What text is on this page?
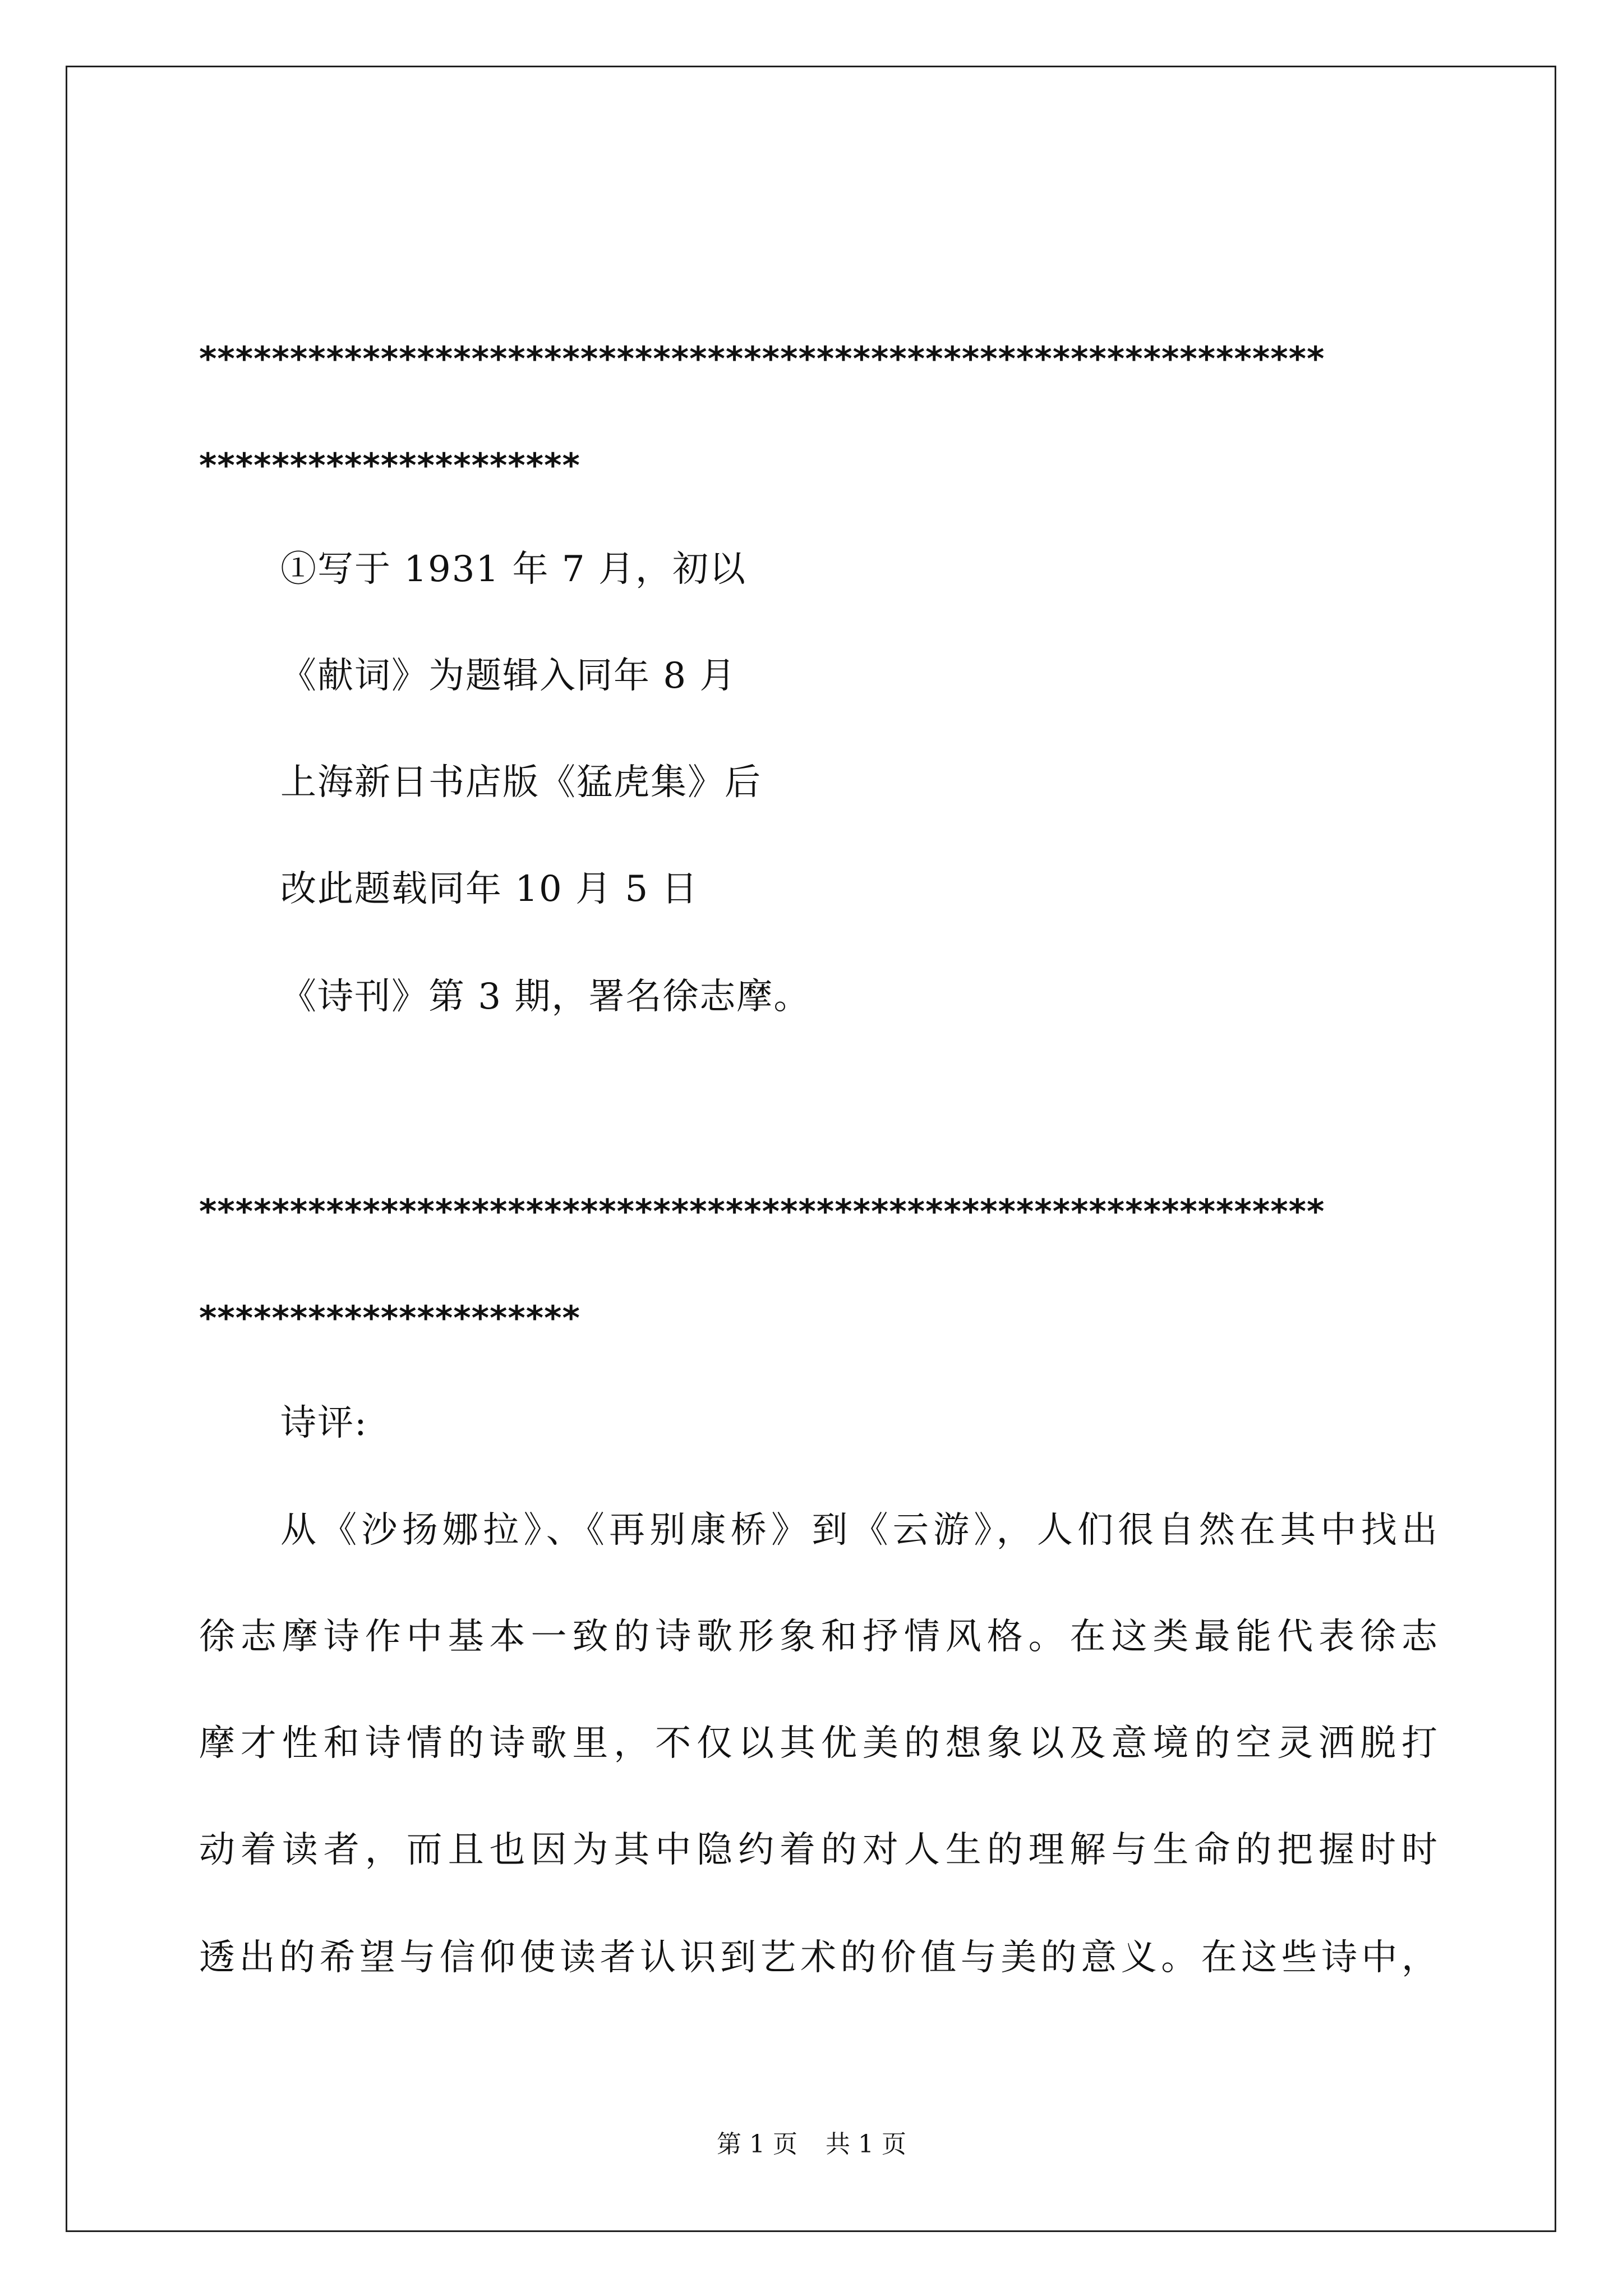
**************************************************************
*********************
①写于 1931 年 7 月，初以
《献词》为题辑入同年 8 月
上海新日书店版《猛虎集》后
改此题载同年 10 月 5 日
《诗刊》第 3 期，署名徐志摩。
**************************************************************
*********************
诗评:
从《沙扬娜拉》、《再别康桥》到《云游》，人们很自然在其中找出
徐志摩诗作中基本一致的诗歌形象和抒情风格。在这类最能代表徐志
摩才性和诗情的诗歌里，不仅以其优美的想象以及意境的空灵洒脱打
动着读者，而且也因为其中隐约着的对人生的理解与生命的把握时时
透出的希望与信仰使读者认识到艺术的价值与美的意义。在这些诗中，
第 1 页 共 1 页
